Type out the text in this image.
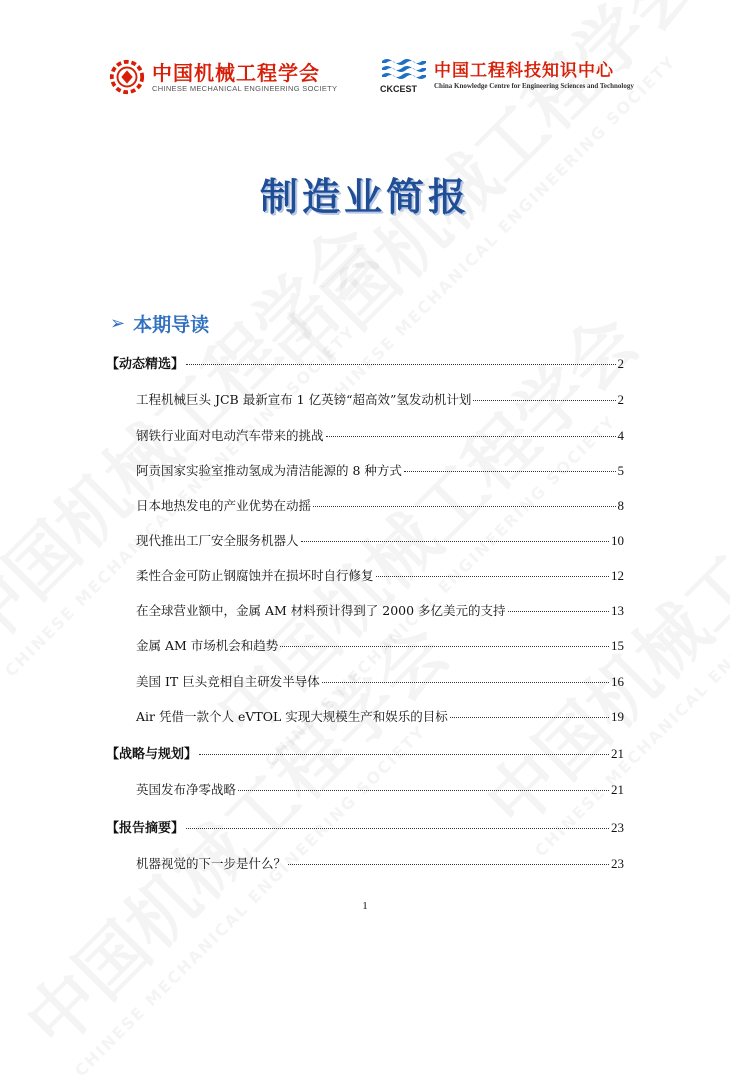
中国机械工程学会
CHINESE MECHANICAL ENGINEERING SOCIETY	CKCEST
中国工程科技知识中心
China Knowledge Centre for Engineering Sciences and Technology
制造业简报
➢ 本期导读
【动态精选】	2
工程机械巨头 JCB 最新宣布 1 亿英镑“超高效”氢发动机计划	2
钢铁行业面对电动汽车带来的挑战	4
阿贡国家实验室推动氢成为清洁能源的 8 种方式	5
日本地热发电的产业优势在动摇	8
现代推出工厂安全服务机器人	10
柔性合金可防止钢腐蚀并在损坏时自行修复	12
在全球营业额中，金属 AM 材料预计得到了 2000 多亿美元的支持	13
金属 AM 市场机会和趋势	15
美国 IT 巨头竞相自主研发半导体	16
Air 凭借一款个人 eVTOL 实现大规模生产和娱乐的目标	19
【战略与规划】	21
英国发布净零战略	21
【报告摘要】	23
机器视觉的下一步是什么？	23
1
